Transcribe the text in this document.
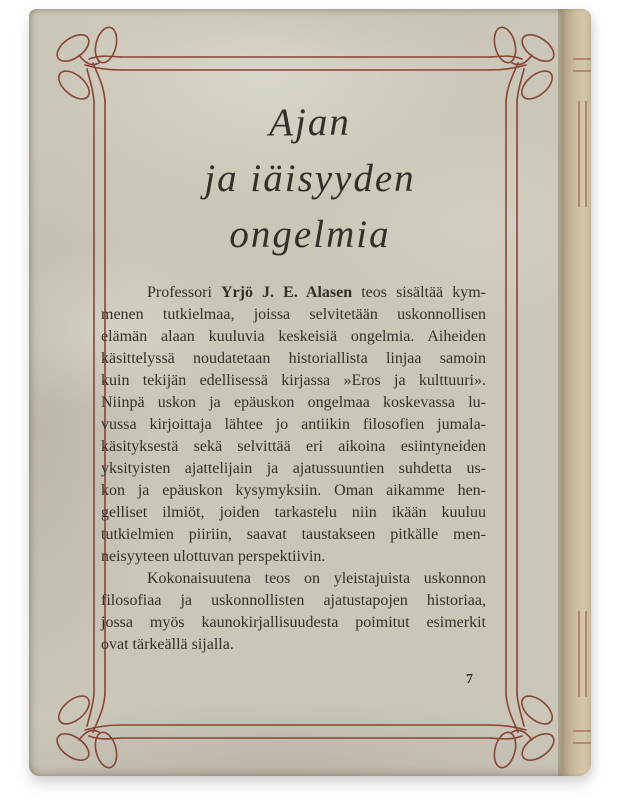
Ajan
ja iäisyyden
ongelmia
Professori Yrjö J. E. Alasen teos sisältää kym-
menen tutkielmaa, joissa selvitetään uskonnollisen
elämän alaan kuuluvia keskeisiä ongelmia. Aiheiden
käsittelyssä noudatetaan historiallista linjaa samoin
kuin tekijän edellisessä kirjassa »Eros ja kulttuuri».
Niinpä uskon ja epäuskon ongelmaa koskevassa lu-
vussa kirjoittaja lähtee jo antiikin filosofien jumala-
käsityksestä sekä selvittää eri aikoina esiintyneiden
yksityisten ajattelijain ja ajatussuuntien suhdetta us-
kon ja epäuskon kysymyksiin. Oman aikamme hen-
gelliset ilmiöt, joiden tarkastelu niin ikään kuuluu
tutkielmien piiriin, saavat taustakseen pitkälle men-
neisyyteen ulottuvan perspektiivin.
Kokonaisuutena teos on yleistajuista uskonnon
filosofiaa ja uskonnollisten ajatustapojen historiaa,
jossa myös kaunokirjallisuudesta poimitut esimerkit
ovat tärkeällä sijalla.
7
